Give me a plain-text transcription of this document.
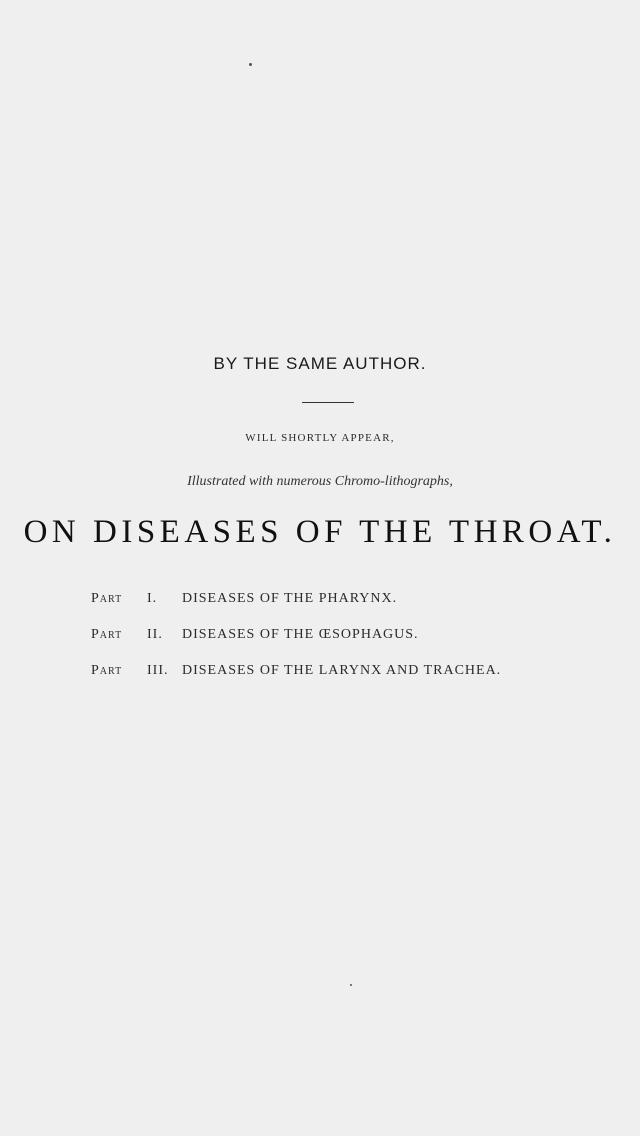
BY THE SAME AUTHOR.
WILL SHORTLY APPEAR,
Illustrated with numerous Chromo-lithographs,
ON DISEASES OF THE THROAT.
Part	I.	DISEASES OF THE PHARYNX.
Part	II.	DISEASES OF THE ŒSOPHAGUS.
Part	III. DISEASES OF THE LARYNX AND TRACHEA.
